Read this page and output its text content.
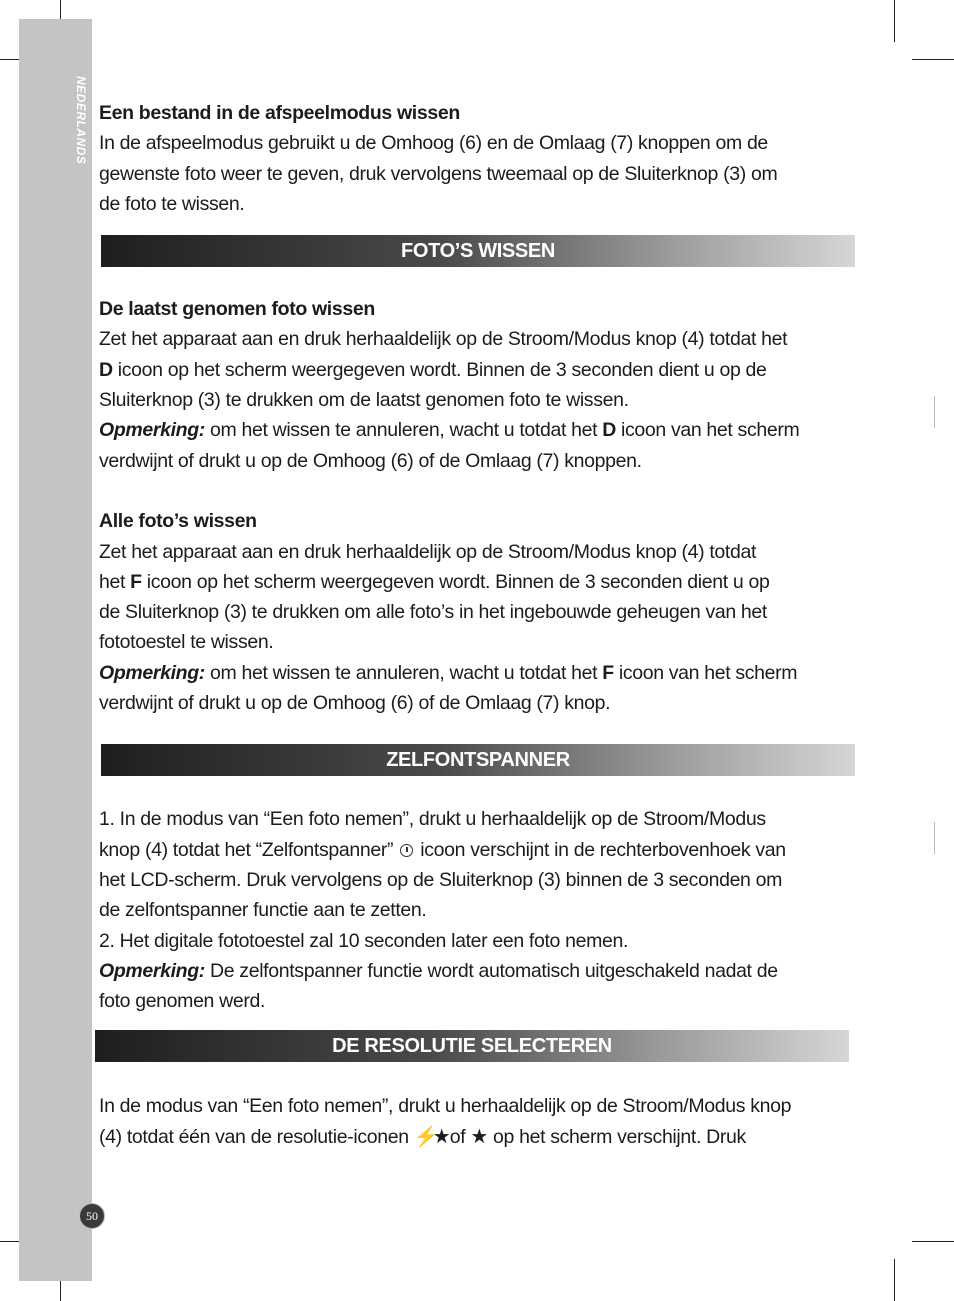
NEDERLANDS
50

Een bestand in de afspeelmodus wissen

In de afspeelmodus gebruikt u de Omhoog (6) en de Omlaag (7) knoppen om de

gewenste foto weer te geven, druk vervolgens tweemaal op de Sluiterknop (3) om

de foto te wissen.

FOTO’S WISSEN

De laatst genomen foto wissen

Zet het apparaat aan en druk herhaaldelijk op de Stroom/Modus knop (4) totdat het

D icoon op het scherm weergegeven wordt. Binnen de 3 seconden dient u op de

Sluiterknop (3) te drukken om de laatst genomen foto te wissen.

Opmerking: om het wissen te annuleren, wacht u totdat het D icoon van het scherm

verdwijnt of drukt u op de Omhoog (6) of de Omlaag (7) knoppen.

Alle foto’s wissen

Zet het apparaat aan en druk herhaaldelijk op de Stroom/Modus knop (4) totdat

het F icoon op het scherm weergegeven wordt. Binnen de 3 seconden dient u op

de Sluiterknop (3) te drukken om alle foto’s in het ingebouwde geheugen van het

fototoestel te wissen.

Opmerking: om het wissen te annuleren, wacht u totdat het F icoon van het scherm

verdwijnt of drukt u op de Omhoog (6) of de Omlaag (7) knop.

ZELFONTSPANNER

1. In de modus van “Een foto nemen”, drukt u herhaaldelijk op de Stroom/Modus

knop (4) totdat het “Zelfontspanner”  icoon verschijnt in de rechterbovenhoek van

het LCD-scherm. Druk vervolgens op de Sluiterknop (3) binnen de 3 seconden om

de zelfontspanner functie aan te zetten.

2. Het digitale fototoestel zal 10 seconden later een foto nemen.

Opmerking: De zelfontspanner functie wordt automatisch uitgeschakeld nadat de

foto genomen werd.

DE RESOLUTIE SELECTEREN

In de modus van “Een foto nemen”, drukt u herhaaldelijk op de Stroom/Modus knop

(4) totdat één van de resolutie-iconen ⚡★ of ★ op het scherm verschijnt. Druk
